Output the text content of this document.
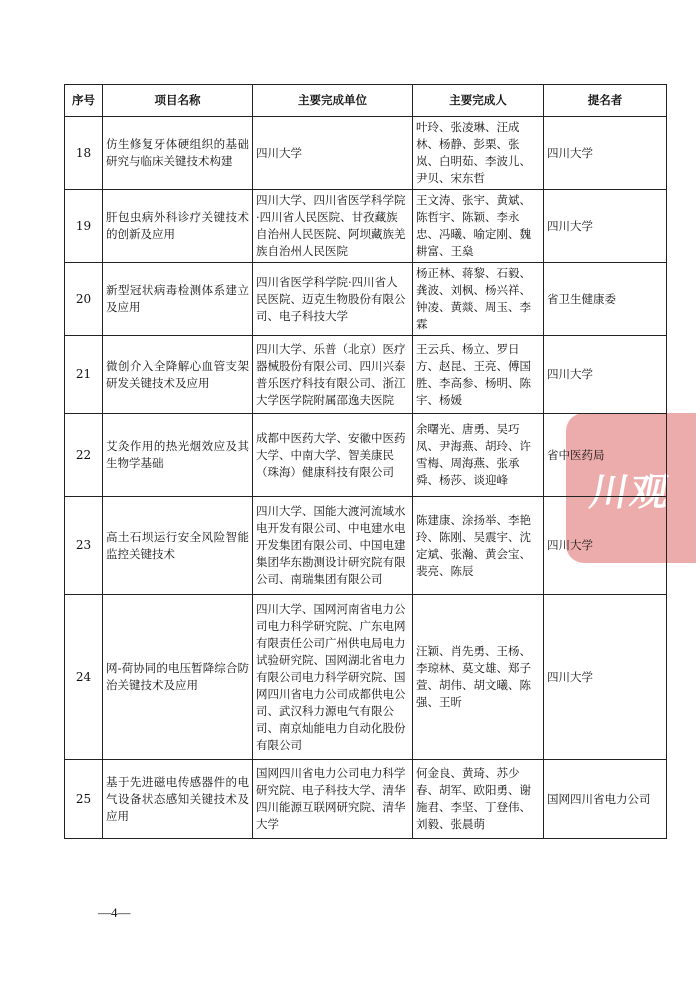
川观
序号	项目名称	主要完成单位	主要完成人	提名者
18	仿生修复牙体硬组织的基础研究与临床关键技术构建	四川大学	叶玲、张凌琳、汪成林、杨静、彭栗、张岚、白明茹、李波儿、尹贝、宋东哲	四川大学
19	肝包虫病外科诊疗关键技术的创新及应用	四川大学、四川省医学科学院·四川省人民医院、甘孜藏族自治州人民医院、阿坝藏族羌族自治州人民医院	王文涛、张宇、黄斌、陈哲宇、陈颖、李永忠、冯曦、喻定刚、魏耕富、王燊	四川大学
20	新型冠状病毒检测体系建立及应用	四川省医学科学院·四川省人民医院、迈克生物股份有限公司、电子科技大学	杨正林、蒋黎、石毅、龚波、刘枫、杨兴祥、钟凌、黄燚、周玉、李霖	省卫生健康委
21	微创介入全降解心血管支架研发关键技术及应用	四川大学、乐普（北京）医疗器械股份有限公司、四川兴泰普乐医疗科技有限公司、浙江大学医学院附属邵逸夫医院	王云兵、杨立、罗日方、赵昆、王亮、傅国胜、李高参、杨明、陈宇、杨媛	四川大学
22	艾灸作用的热光烟效应及其生物学基础	成都中医药大学、安徽中医药大学、中南大学、智美康民（珠海）健康科技有限公司	余曙光、唐勇、吴巧凤、尹海燕、胡玲、许雪梅、周海燕、张承舜、杨莎、谈迎峰	省中医药局
23	高土石坝运行安全风险智能监控关键技术	四川大学、国能大渡河流域水电开发有限公司、中电建水电开发集团有限公司、中国电建集团华东勘测设计研究院有限公司、南瑞集团有限公司	陈建康、涂扬举、李艳玲、陈刚、吴震宇、沈定斌、张瀚、黄会宝、裴亮、陈辰	四川大学
24	网-荷协同的电压暂降综合防治关键技术及应用	四川大学、国网河南省电力公司电力科学研究院、广东电网有限责任公司广州供电局电力试验研究院、国网湖北省电力有限公司电力科学研究院、国网四川省电力公司成都供电公司、武汉科力源电气有限公司、南京灿能电力自动化股份有限公司	汪颖、肖先勇、王杨、李琼林、莫文雄、郑子萱、胡伟、胡文曦、陈强、王昕	四川大学
25	基于先进磁电传感器件的电气设备状态感知关键技术及应用	国网四川省电力公司电力科学研究院、电子科技大学、清华四川能源互联网研究院、清华大学	何金良、黄琦、苏少春、胡军、欧阳勇、谢施君、李坚、丁登伟、刘毅、张晨萌	国网四川省电力公司
—4—
